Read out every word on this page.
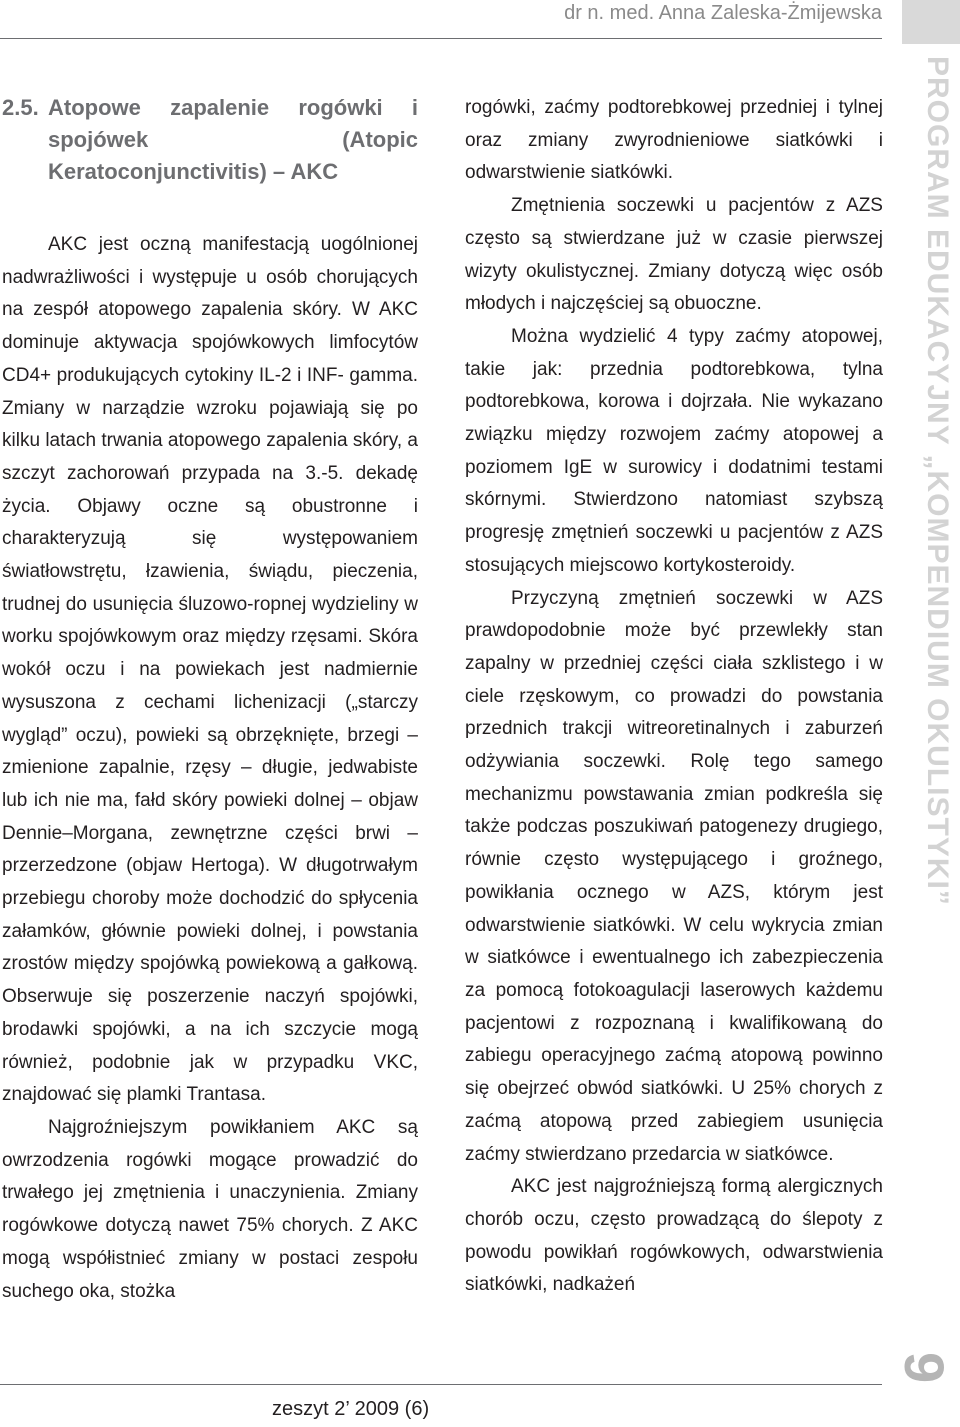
PROGRAM EDUKACYJNY „KOMPENDIUM OKULISTYKI”
dr n. med. Anna Zaleska-Żmijewska
2.5. Atopowe zapalenie rogówki i spojówek (Atopic Keratoconjunctivitis) – AKC

AKC jest oczną manifestacją uogólnionej nadwrażliwości i występuje u osób chorujących na zespół atopowego zapalenia skóry. W AKC dominuje aktywacja spojówkowych limfocytów CD4+ produkujących cytokiny IL-2 i INF- gamma. Zmiany w narządzie wzroku pojawiają się po kilku latach trwania atopowego zapalenia skóry, a szczyt zachorowań przypada na 3.-5. dekadę życia. Objawy oczne są obustronne i charakteryzują się występowaniem światłowstrętu, łzawienia, świądu, pieczenia, trudnej do usunięcia śluzowo-ropnej wydzieliny w worku spojówkowym oraz między rzęsami. Skóra wokół oczu i na powiekach jest nadmiernie wysuszona z cechami lichenizacji („starczy wygląd” oczu), powieki są obrzęknięte, brzegi – zmienione zapalnie, rzęsy – długie, jedwabiste lub ich nie ma, fałd skóry powieki dolnej – objaw Dennie–Morgana, zewnętrzne części brwi – przerzedzone (objaw Hertoga). W długotrwałym przebiegu choroby może dochodzić do spłycenia załamków, głównie powieki dolnej, i powstania zrostów między spojówką powiekową a gałkową. Obserwuje się poszerzenie naczyń spojówki, brodawki spojówki, a na ich szczycie mogą również, podobnie jak w przypadku VKC, znajdować się plamki Trantasa.

Najgroźniejszym powikłaniem AKC są owrzodzenia rogówki mogące prowadzić do trwałego jej zmętnienia i unaczynienia. Zmiany rogówkowe dotyczą nawet 75% chorych. Z AKC mogą współistnieć zmiany w postaci zespołu suchego oka, stożka

rogówki, zaćmy podtorebkowej przedniej i tylnej oraz zmiany zwyrodnieniowe siatkówki i odwarstwienie siatkówki.

Zmętnienia soczewki u pacjentów z AZS często są stwierdzane już w czasie pierwszej wizyty okulistycznej. Zmiany dotyczą więc osób młodych i najczęściej są obuoczne.

Można wydzielić 4 typy zaćmy atopowej, takie jak: przednia podtorebkowa, tylna podtorebkowa, korowa i dojrzała. Nie wykazano związku między rozwojem zaćmy atopowej a poziomem IgE w surowicy i dodatnimi testami skórnymi. Stwierdzono natomiast szybszą progresję zmętnień soczewki u pacjentów z AZS stosujących miejscowo kortykosteroidy.

Przyczyną zmętnień soczewki w AZS prawdopodobnie może być przewlekły stan zapalny w przedniej części ciała szklistego i w ciele rzęskowym, co prowadzi do powstania przednich trakcji witreoretinalnych i zaburzeń odżywiania soczewki. Rolę tego samego mechanizmu powstawania zmian podkreśla się także podczas poszukiwań patogenezy drugiego, równie często występującego i groźnego, powikłania ocznego w AZS, którym jest odwarstwienie siatkówki. W celu wykrycia zmian w siatkówce i ewentualnego ich zabezpieczenia za pomocą fotokoagulacji laserowych każdemu pacjentowi z rozpoznaną i kwalifikowaną do zabiegu operacyjnego zaćmą atopową powinno się obejrzeć obwód siatkówki. U 25% chorych z zaćmą atopową przed zabiegiem usunięcia zaćmy stwierdzano przedarcia w siatkówce.

AKC jest najgroźniejszą formą alergicznych chorób oczu, często prowadzącą do ślepoty z powodu powikłań rogówkowych, odwarstwienia siatkówki, nadkażeń

zeszyt 2’ 2009 (6)
9
